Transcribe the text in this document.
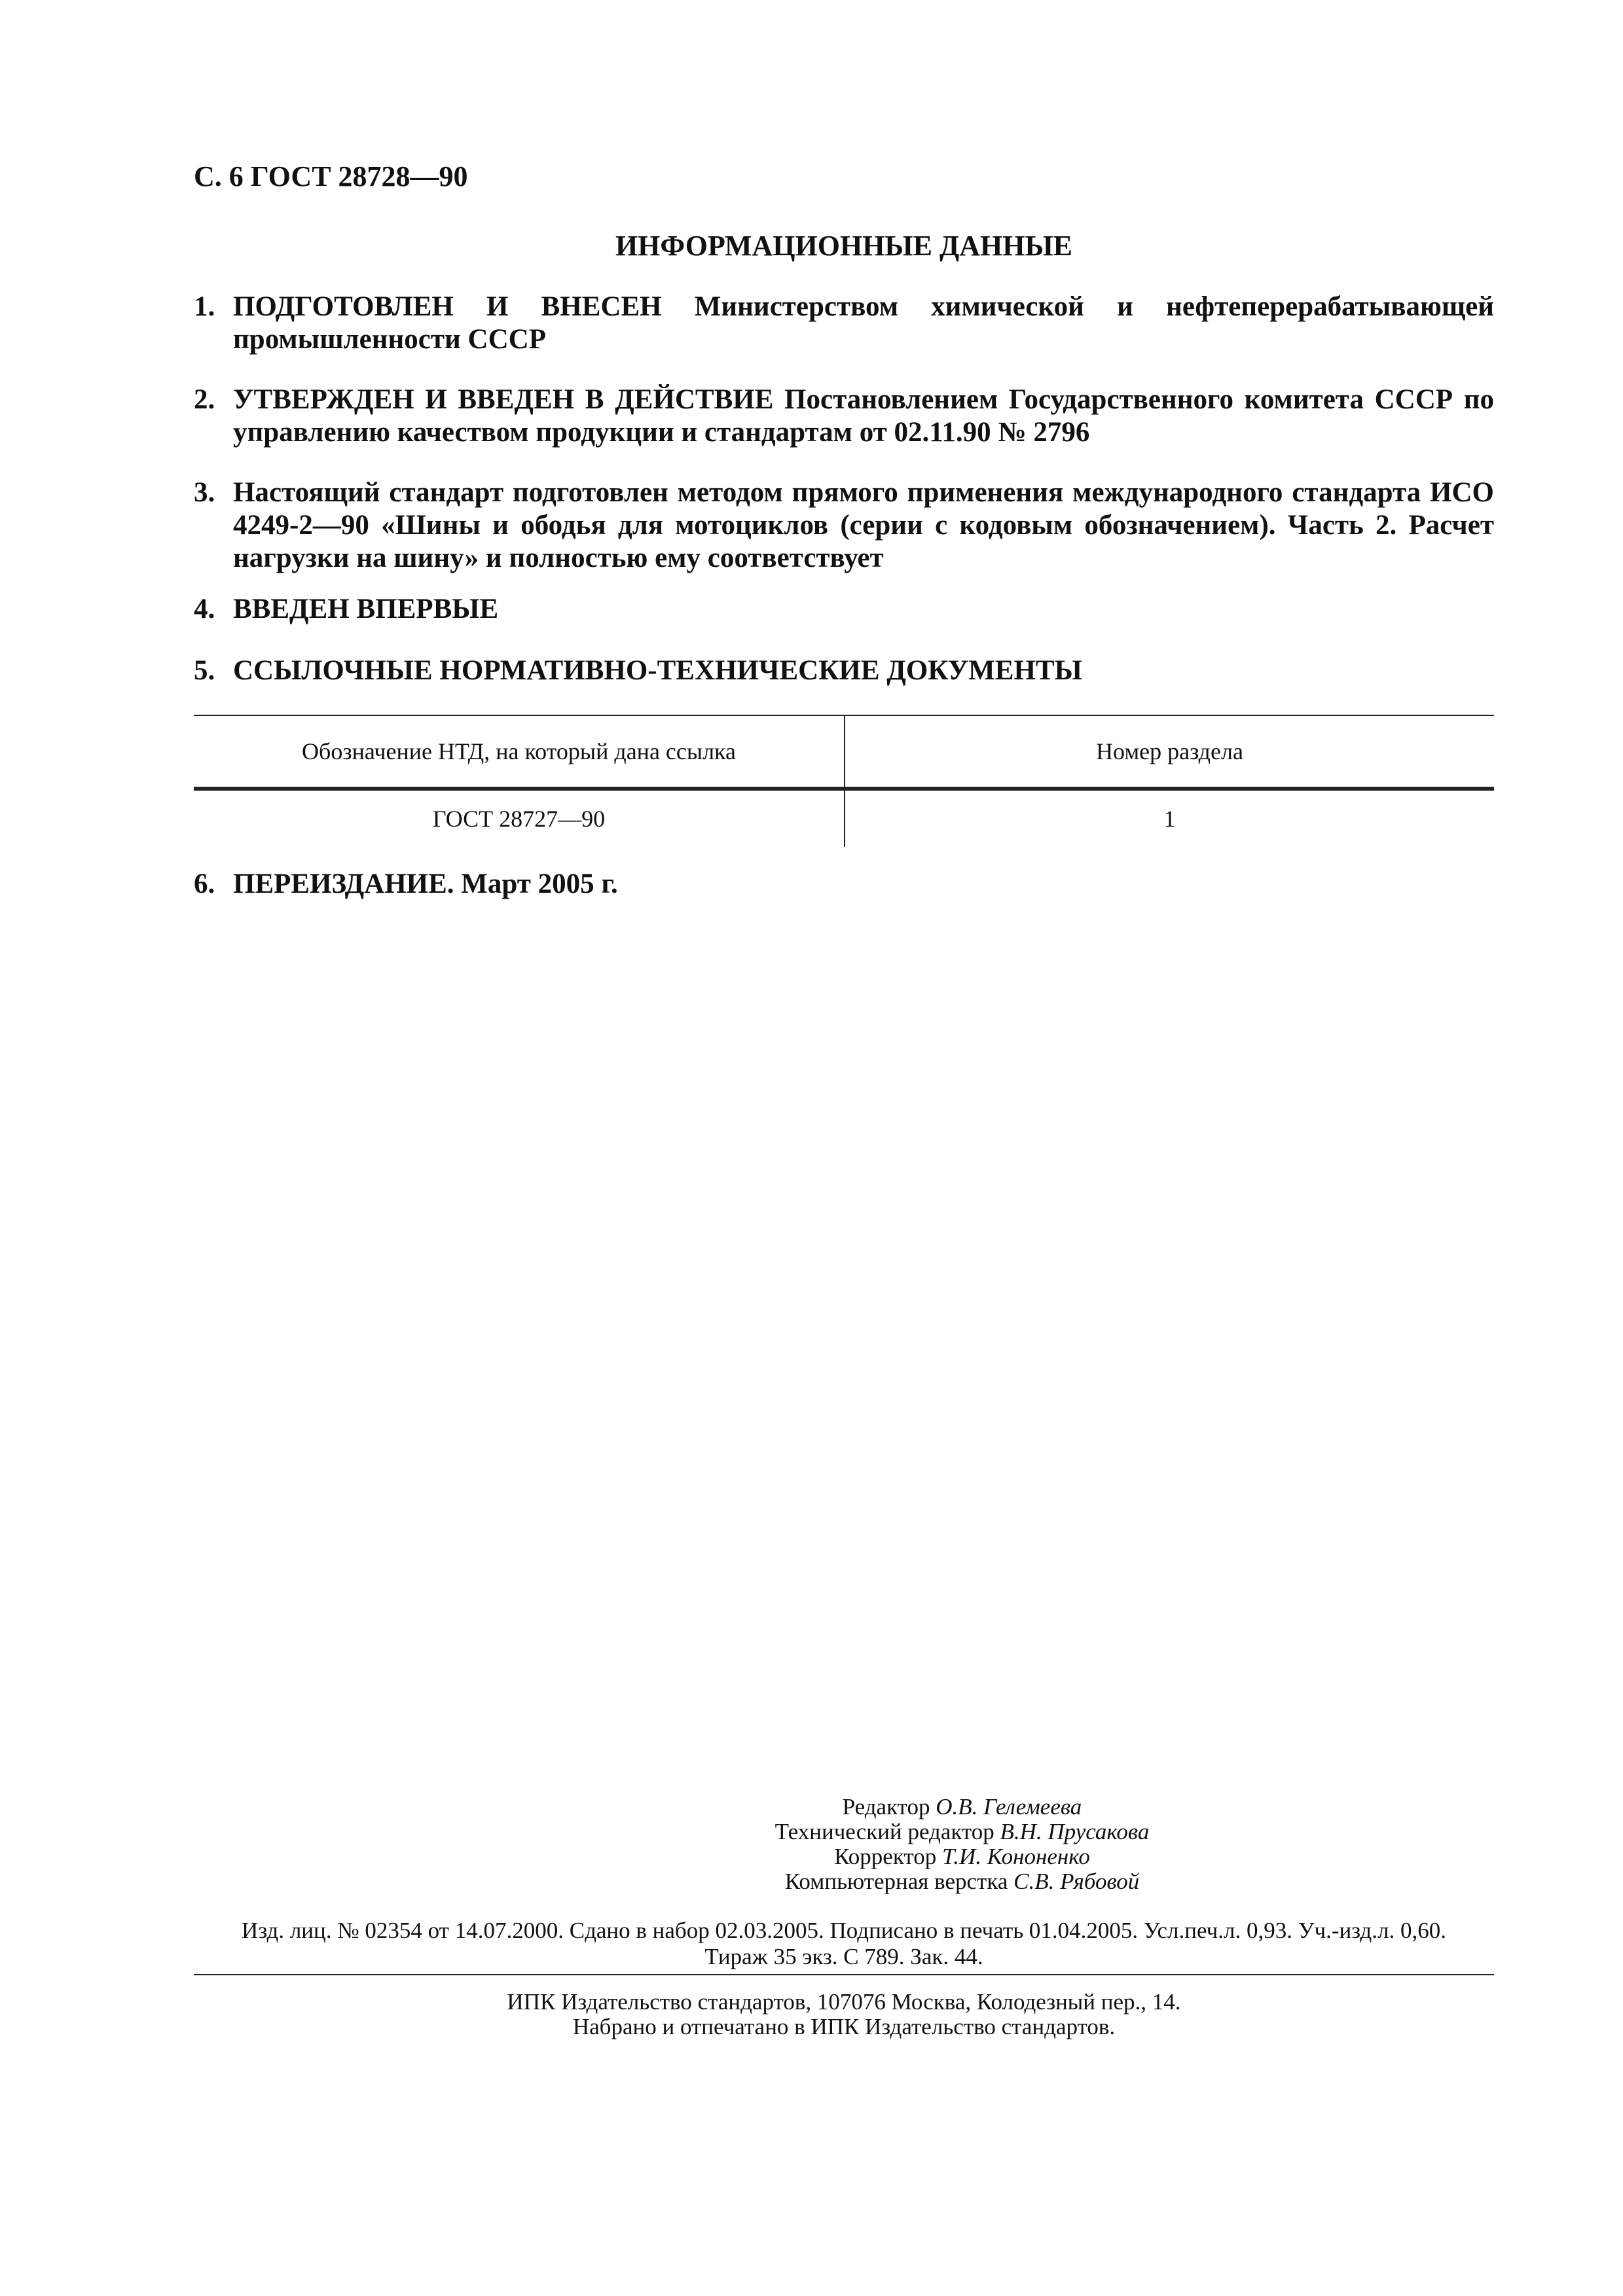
С. 6 ГОСТ 28728—90
ИНФОРМАЦИОННЫЕ ДАННЫЕ
1. ПОДГОТОВЛЕН И ВНЕСЕН Министерством химической и нефтеперерабатывающей промышленности СССР
2. УТВЕРЖДЕН И ВВЕДЕН В ДЕЙСТВИЕ Постановлением Государственного комитета СССР по управлению качеством продукции и стандартам от 02.11.90 № 2796
3. Настоящий стандарт подготовлен методом прямого применения международного стандарта ИСО 4249-2—90 «Шины и ободья для мотоциклов (серии с кодовым обозначением). Часть 2. Расчет нагрузки на шину» и полностью ему соответствует
4. ВВЕДЕН ВПЕРВЫЕ
5. ССЫЛОЧНЫЕ НОРМАТИВНО-ТЕХНИЧЕСКИЕ ДОКУМЕНТЫ
Обозначение НТД, на который дана ссылка	Номер раздела
ГОСТ 28727—90	1
6. ПЕРЕИЗДАНИЕ. Март 2005 г.
Редактор О.В. Гелемеева
Технический редактор В.Н. Прусакова
Корректор Т.И. Кононенко
Компьютерная верстка С.В. Рябовой
Изд. лиц. № 02354 от 14.07.2000. Сдано в набор 02.03.2005. Подписано в печать 01.04.2005. Усл.печ.л. 0,93. Уч.-изд.л. 0,60.
Тираж 35 экз. С 789. Зак. 44.
ИПК Издательство стандартов, 107076 Москва, Колодезный пер., 14.
Набрано и отпечатано в ИПК Издательство стандартов.
